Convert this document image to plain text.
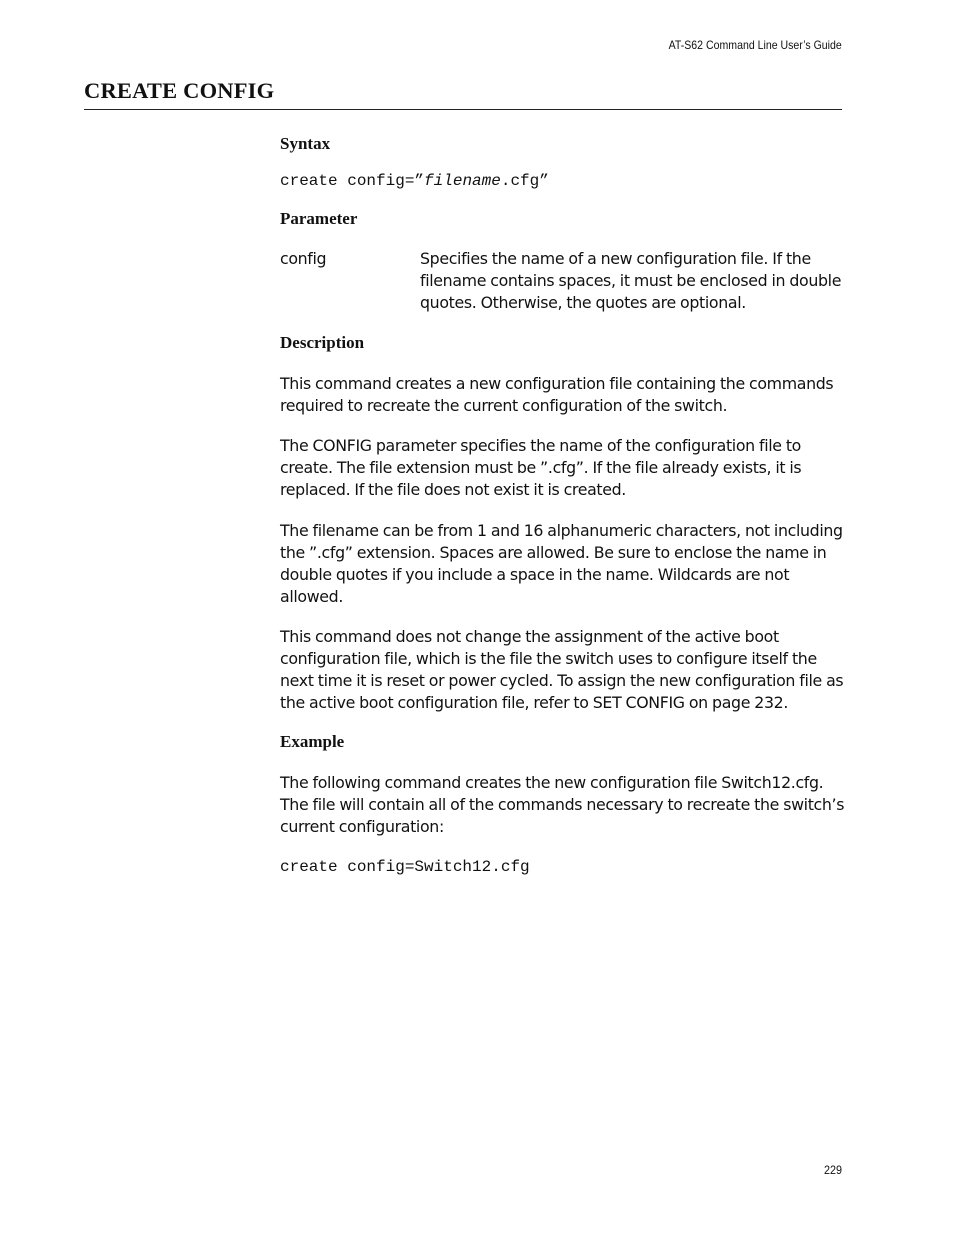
AT-S62 Command Line User’s Guide
CREATE CONFIG
Syntax

create config=”filename.cfg”

Parameter

config	Specifies the name of a new configuration file. If the filename contains spaces, it must be enclosed in double quotes. Otherwise, the quotes are optional.

Description

This command creates a new configuration file containing the commands required to recreate the current configuration of the switch.

The CONFIG parameter specifies the name of the configuration file to create. The file extension must be ”.cfg”. If the file already exists, it is replaced. If the file does not exist it is created.

The filename can be from 1 and 16 alphanumeric characters, not including the ”.cfg” extension. Spaces are allowed. Be sure to enclose the name in double quotes if you include a space in the name. Wildcards are not allowed.

This command does not change the assignment of the active boot configuration file, which is the file the switch uses to configure itself the next time it is reset or power cycled. To assign the new configuration file as the active boot configuration file, refer to SET CONFIG on page 232.

Example

The following command creates the new configuration file Switch12.cfg. The file will contain all of the commands necessary to recreate the switch’s current configuration:

create config=Switch12.cfg

229
